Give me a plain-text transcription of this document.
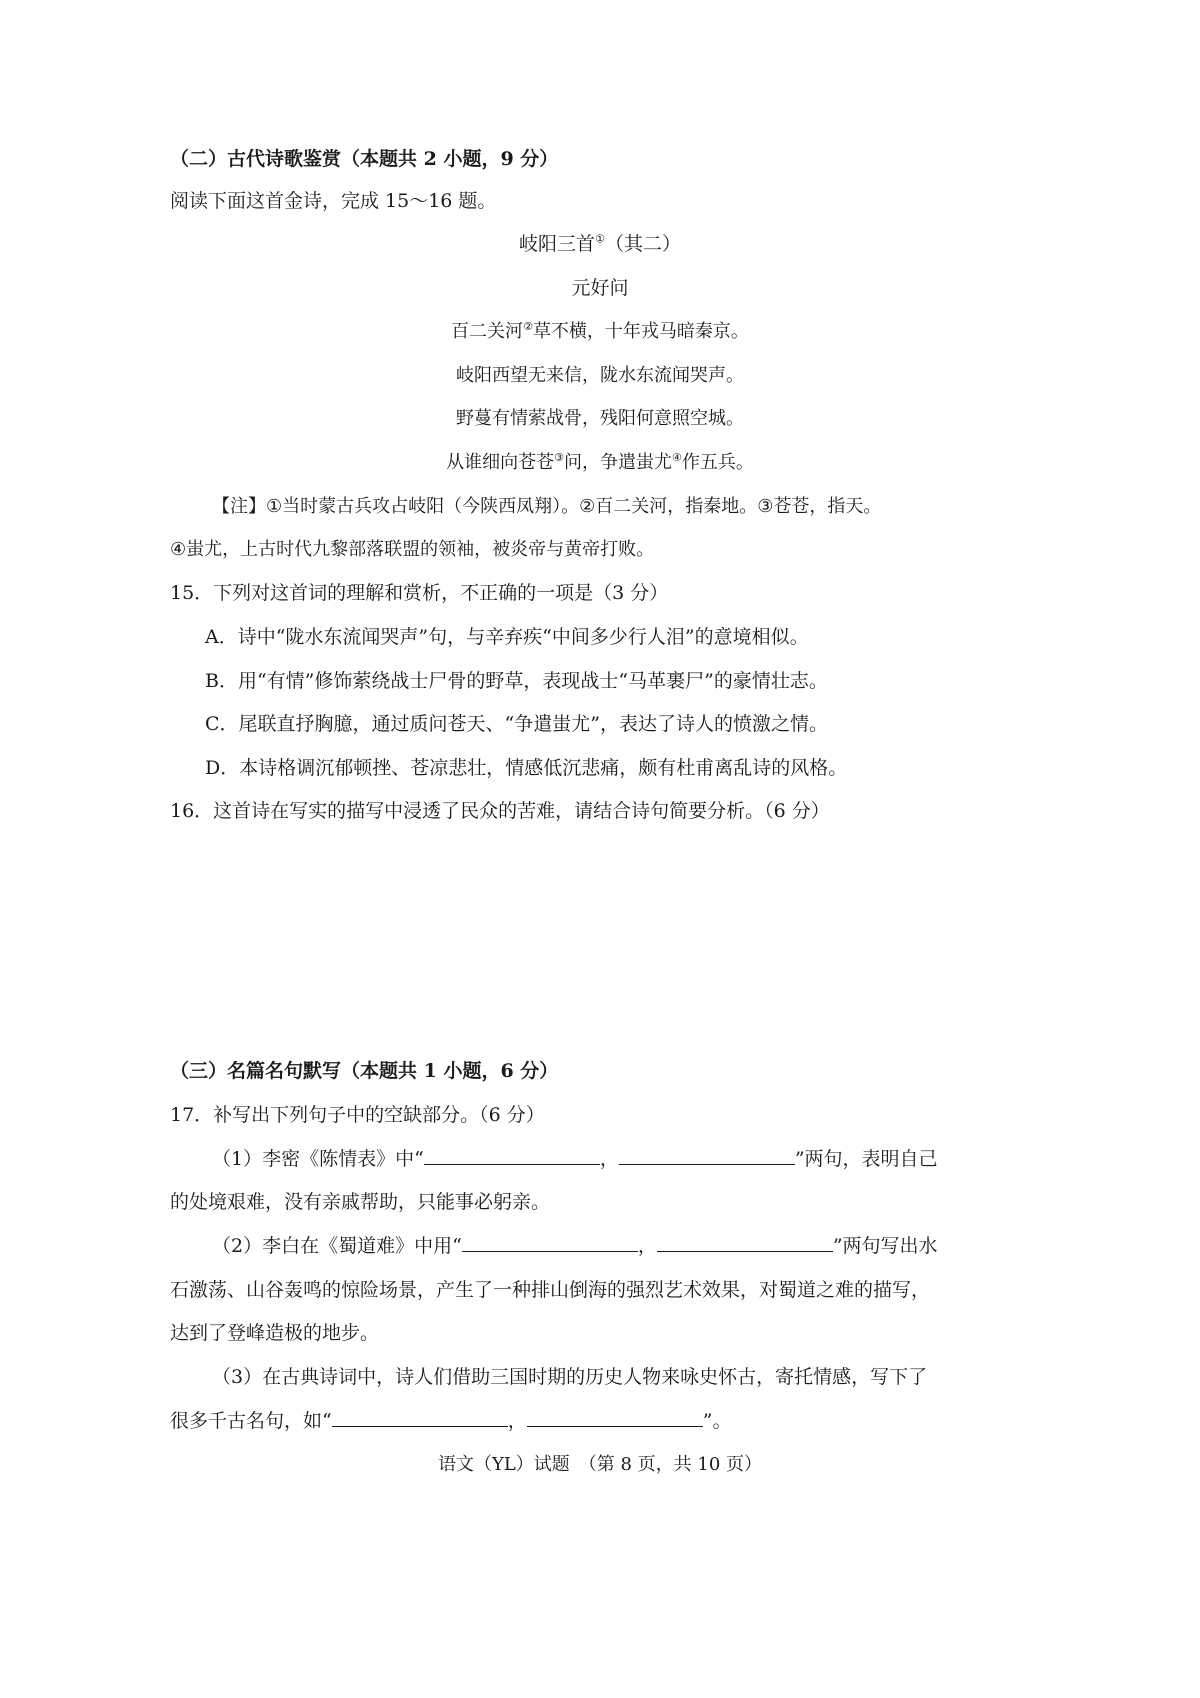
（二）古代诗歌鉴赏（本题共 2 小题，9 分）
阅读下面这首金诗，完成 15～16 题。
岐阳三首①（其二）
元好问
百二关河②草不横，十年戎马暗秦京。
岐阳西望无来信，陇水东流闻哭声。
野蔓有情萦战骨，残阳何意照空城。
从谁细向苍苍③问，争遣蚩尤④作五兵。
【注】①当时蒙古兵攻占岐阳（今陕西凤翔）。②百二关河，指秦地。③苍苍，指天。
④蚩尤，上古时代九黎部落联盟的领袖，被炎帝与黄帝打败。
15．下列对这首词的理解和赏析，不正确的一项是（3 分）
A．诗中“陇水东流闻哭声”句，与辛弃疾“中间多少行人泪”的意境相似。
B．用“有情”修饰萦绕战士尸骨的野草，表现战士“马革裹尸”的豪情壮志。
C．尾联直抒胸臆，通过质问苍天、“争遣蚩尤”，表达了诗人的愤激之情。
D．本诗格调沉郁顿挫、苍凉悲壮，情感低沉悲痛，颇有杜甫离乱诗的风格。
16．这首诗在写实的描写中浸透了民众的苦难，请结合诗句简要分析。（6 分）
（三）名篇名句默写（本题共 1 小题，6 分）
17．补写出下列句子中的空缺部分。（6 分）
（1）李密《陈情表》中“	，	”两句，表明自己
的处境艰难，没有亲戚帮助，只能事必躬亲。
（2）李白在《蜀道难》中用“	，	”两句写出水
石激荡、山谷轰鸣的惊险场景，产生了一种排山倒海的强烈艺术效果，对蜀道之难的描写，
达到了登峰造极的地步。
（3）在古典诗词中，诗人们借助三国时期的历史人物来咏史怀古，寄托情感，写下了
很多千古名句，如“	，	”。
语文（YL）试题　（第 8 页，共 10 页）
